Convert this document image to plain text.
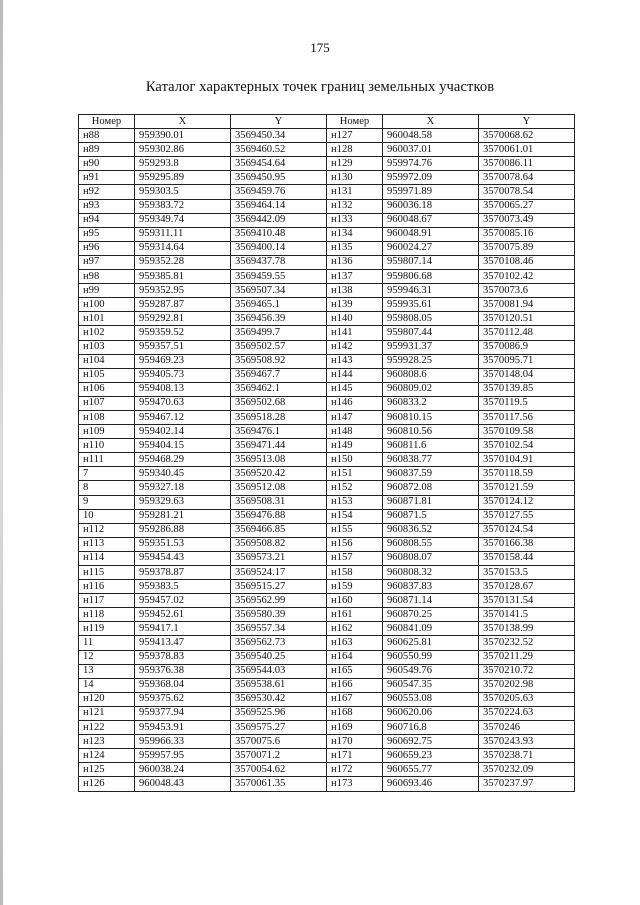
175
Каталог характерных точек границ земельных участков
Номер	X	Y	Номер	X	Y
н88	959390.01	3569450.34	н127	960048.58	3570068.62
н89	959302.86	3569460.52	н128	960037.01	3570061.01
н90	959293.8	3569454.64	н129	959974.76	3570086.11
н91	959295.89	3569450.95	н130	959972.09	3570078.64
н92	959303.5	3569459.76	н131	959971.89	3570078.54
н93	959383.72	3569464.14	н132	960036.18	3570065.27
н94	959349.74	3569442.09	н133	960048.67	3570073.49
н95	959311.11	3569410.48	н134	960048.91	3570085.16
н96	959314.64	3569400.14	н135	960024.27	3570075.89
н97	959352.28	3569437.78	н136	959807.14	3570108.46
н98	959385.81	3569459.55	н137	959806.68	3570102.42
н99	959352.95	3569507.34	н138	959946.31	3570073.6
н100	959287.87	3569465.1	н139	959935.61	3570081.94
н101	959292.81	3569456.39	н140	959808.05	3570120.51
н102	959359.52	3569499.7	н141	959807.44	3570112.48
н103	959357.51	3569502.57	н142	959931.37	3570086.9
н104	959469.23	3569508.92	н143	959928.25	3570095.71
н105	959405.73	3569467.7	н144	960808.6	3570148.04
н106	959408.13	3569462.1	н145	960809.02	3570139.85
н107	959470.63	3569502.68	н146	960833.2	3570119.5
н108	959467.12	3569518.28	н147	960810.15	3570117.56
н109	959402.14	3569476.1	н148	960810.56	3570109.58
н110	959404.15	3569471.44	н149	960811.6	3570102.54
н111	959468.29	3569513.08	н150	960838.77	3570104.91
7	959340.45	3569520.42	н151	960837.59	3570118.59
8	959327.18	3569512.08	н152	960872.08	3570121.59
9	959329.63	3569508.31	н153	960871.81	3570124.12
10	959281.21	3569476.88	н154	960871.5	3570127.55
н112	959286.88	3569466.85	н155	960836.52	3570124.54
н113	959351.53	3569508.82	н156	960808.55	3570166.38
н114	959454.43	3569573.21	н157	960808.07	3570158.44
н115	959378.87	3569524.17	н158	960808.32	3570153.5
н116	959383.5	3569515.27	н159	960837.83	3570128.67
н117	959457.02	3569562.99	н160	960871.14	3570131.54
н118	959452.61	3569580.39	н161	960870.25	3570141.5
н119	959417.1	3569557.34	н162	960841.09	3570138.99
11	959413.47	3569562.73	н163	960625.81	3570232.52
12	959378.83	3569540.25	н164	960550.99	3570211.29
13	959376.38	3569544.03	н165	960549.76	3570210.72
14	959368.04	3569538.61	н166	960547.35	3570202.98
н120	959375.62	3569530.42	н167	960553.08	3570205.63
н121	959377.94	3569525.96	н168	960620.06	3570224.63
н122	959453.91	3569575.27	н169	960716.8	3570246
н123	959966.33	3570075.6	н170	960692.75	3570243.93
н124	959957.95	3570071.2	н171	960659.23	3570238.71
н125	960038.24	3570054.62	н172	960655.77	3570232.09
н126	960048.43	3570061.35	н173	960693.46	3570237.97
